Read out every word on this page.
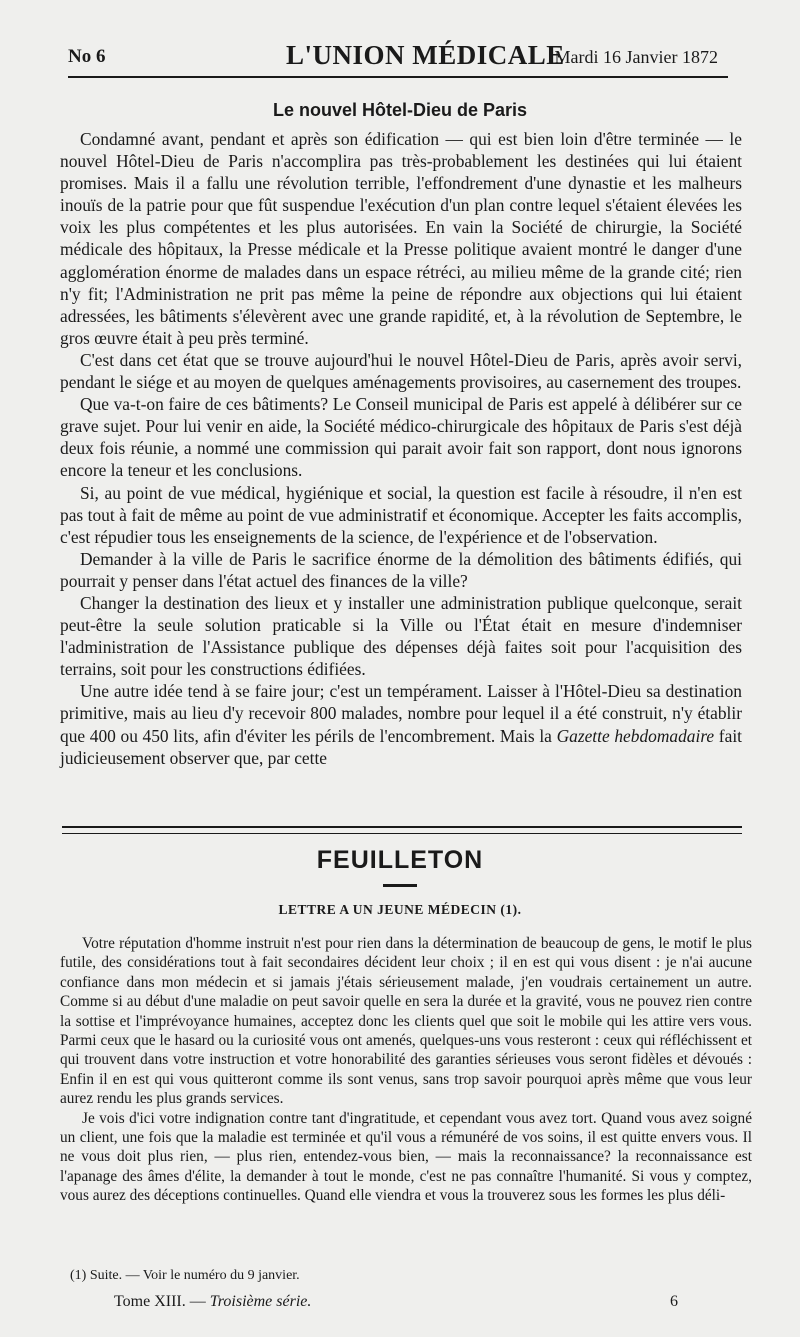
No 6	L'UNION MÉDICALE
Mardi 16 Janvier 1872
Le nouvel Hôtel-Dieu de Paris

Condamné avant, pendant et après son édification — qui est bien loin d'être terminée — le nouvel Hôtel-Dieu de Paris n'accomplira pas très-probablement les destinées qui lui étaient promises. Mais il a fallu une révolution terrible, l'effondrement d'une dynastie et les malheurs inouïs de la patrie pour que fût suspendue l'exécution d'un plan contre lequel s'étaient élevées les voix les plus compétentes et les plus autorisées. En vain la Société de chirurgie, la Société médicale des hôpitaux, la Presse médicale et la Presse politique avaient montré le danger d'une agglomération énorme de malades dans un espace rétréci, au milieu même de la grande cité; rien n'y fit; l'Administration ne prit pas même la peine de répondre aux objections qui lui étaient adressées, les bâtiments s'élevèrent avec une grande rapidité, et, à la révolution de Septembre, le gros œuvre était à peu près terminé.

C'est dans cet état que se trouve aujourd'hui le nouvel Hôtel-Dieu de Paris, après avoir servi, pendant le siége et au moyen de quelques aménagements provisoires, au casernement des troupes.

Que va-t-on faire de ces bâtiments? Le Conseil municipal de Paris est appelé à délibérer sur ce grave sujet. Pour lui venir en aide, la Société médico-chirurgicale des hôpitaux de Paris s'est déjà deux fois réunie, a nommé une commission qui parait avoir fait son rapport, dont nous ignorons encore la teneur et les conclusions.

Si, au point de vue médical, hygiénique et social, la question est facile à résoudre, il n'en est pas tout à fait de même au point de vue administratif et économique. Accepter les faits accomplis, c'est répudier tous les enseignements de la science, de l'expérience et de l'observation.

Demander à la ville de Paris le sacrifice énorme de la démolition des bâtiments édifiés, qui pourrait y penser dans l'état actuel des finances de la ville?

Changer la destination des lieux et y installer une administration publique quelconque, serait peut-être la seule solution praticable si la Ville ou l'État était en mesure d'indemniser l'administration de l'Assistance publique des dépenses déjà faites soit pour l'acquisition des terrains, soit pour les constructions édifiées.

Une autre idée tend à se faire jour; c'est un tempérament. Laisser à l'Hôtel-Dieu sa destination primitive, mais au lieu d'y recevoir 800 malades, nombre pour lequel il a été construit, n'y établir que 400 ou 450 lits, afin d'éviter les périls de l'encombrement. Mais la Gazette hebdomadaire fait judicieusement observer que, par cette

FEUILLETON
LETTRE A UN JEUNE MÉDECIN (1).

Votre réputation d'homme instruit n'est pour rien dans la détermination de beaucoup de gens, le motif le plus futile, des considérations tout à fait secondaires décident leur choix ; il en est qui vous disent : je n'ai aucune confiance dans mon médecin et si jamais j'étais sérieusement malade, j'en voudrais certainement un autre. Comme si au début d'une maladie on peut savoir quelle en sera la durée et la gravité, vous ne pouvez rien contre la sottise et l'imprévoyance humaines, acceptez donc les clients quel que soit le mobile qui les attire vers vous. Parmi ceux que le hasard ou la curiosité vous ont amenés, quelques-uns vous resteront : ceux qui réfléchissent et qui trouvent dans votre instruction et votre honorabilité des garanties sérieuses vous seront fidèles et dévoués : Enfin il en est qui vous quitteront comme ils sont venus, sans trop savoir pourquoi après même que vous leur aurez rendu les plus grands services.

Je vois d'ici votre indignation contre tant d'ingratitude, et cependant vous avez tort. Quand vous avez soigné un client, une fois que la maladie est terminée et qu'il vous a rémunéré de vos soins, il est quitte envers vous. Il ne vous doit plus rien, — plus rien, entendez-vous bien, — mais la reconnaissance? la reconnaissance est l'apanage des âmes d'élite, la demander à tout le monde, c'est ne pas connaître l'humanité. Si vous y comptez, vous aurez des déceptions continuelles. Quand elle viendra et vous la trouverez sous les formes les plus déli-

(1) Suite. — Voir le numéro du 9 janvier.
Tome XIII. — Troisième série.	6
